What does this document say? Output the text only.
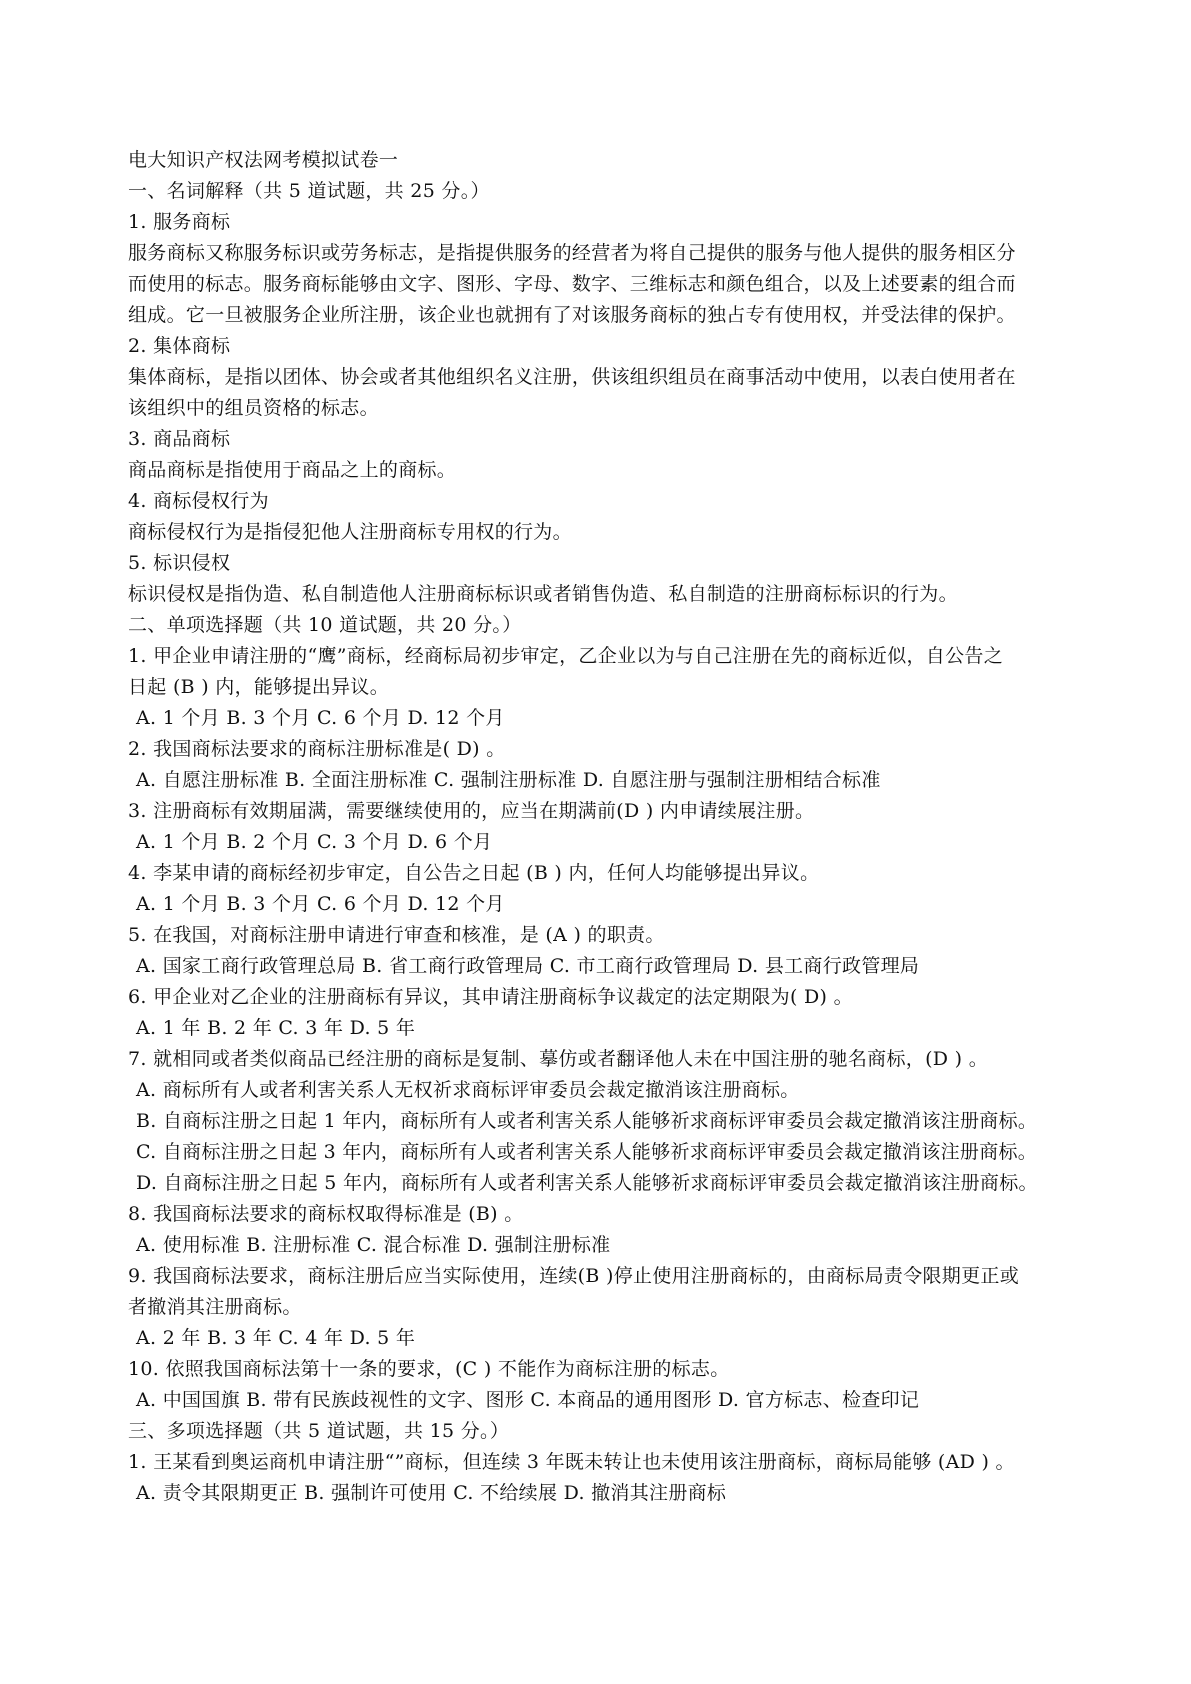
电大知识产权法网考模拟试卷一
一、名词解释（共 5 道试题，共 25 分。）
1. 服务商标
服务商标又称服务标识或劳务标志，是指提供服务的经营者为将自己提供的服务与他人提供的服务相区分
而使用的标志。服务商标能够由文字、图形、字母、数字、三维标志和颜色组合，以及上述要素的组合而
组成。它一旦被服务企业所注册，该企业也就拥有了对该服务商标的独占专有使用权，并受法律的保护。
2. 集体商标
集体商标，是指以团体、协会或者其他组织名义注册，供该组织组员在商事活动中使用，以表白使用者在
该组织中的组员资格的标志。
3. 商品商标
商品商标是指使用于商品之上的商标。
4. 商标侵权行为
商标侵权行为是指侵犯他人注册商标专用权的行为。
5. 标识侵权
标识侵权是指伪造、私自制造他人注册商标标识或者销售伪造、私自制造的注册商标标识的行为。
二、单项选择题（共 10 道试题，共 20 分。）
1. 甲企业申请注册的“鹰”商标，经商标局初步审定，乙企业以为与自己注册在先的商标近似，自公告之
日起 (B ) 内，能够提出异议。
A. 1 个月 B. 3 个月 C. 6 个月 D. 12 个月
2. 我国商标法要求的商标注册标准是( D) 。
A. 自愿注册标准 B. 全面注册标准 C. 强制注册标准 D. 自愿注册与强制注册相结合标准
3. 注册商标有效期届满，需要继续使用的，应当在期满前(D ) 内申请续展注册。
A. 1 个月 B. 2 个月 C. 3 个月 D. 6 个月
4. 李某申请的商标经初步审定，自公告之日起 (B ) 内，任何人均能够提出异议。
A. 1 个月 B. 3 个月 C. 6 个月 D. 12 个月
5. 在我国，对商标注册申请进行审查和核准，是 (A ) 的职责。
A. 国家工商行政管理总局 B. 省工商行政管理局 C. 市工商行政管理局 D. 县工商行政管理局
6. 甲企业对乙企业的注册商标有异议，其申请注册商标争议裁定的法定期限为( D) 。
A. 1 年 B. 2 年 C. 3 年 D. 5 年
7. 就相同或者类似商品已经注册的商标是复制、摹仿或者翻译他人未在中国注册的驰名商标，(D ) 。
A. 商标所有人或者利害关系人无权祈求商标评审委员会裁定撤消该注册商标。
B. 自商标注册之日起 1 年内，商标所有人或者利害关系人能够祈求商标评审委员会裁定撤消该注册商标。
C. 自商标注册之日起 3 年内，商标所有人或者利害关系人能够祈求商标评审委员会裁定撤消该注册商标。
D. 自商标注册之日起 5 年内，商标所有人或者利害关系人能够祈求商标评审委员会裁定撤消该注册商标。
8. 我国商标法要求的商标权取得标准是 (B) 。
A. 使用标准 B. 注册标准 C. 混合标准 D. 强制注册标准
9. 我国商标法要求，商标注册后应当实际使用，连续(B )停止使用注册商标的，由商标局责令限期更正或
者撤消其注册商标。
A. 2 年 B. 3 年 C. 4 年 D. 5 年
10. 依照我国商标法第十一条的要求，(C ) 不能作为商标注册的标志。
A. 中国国旗 B. 带有民族歧视性的文字、图形 C. 本商品的通用图形 D. 官方标志、检查印记
三、多项选择题（共 5 道试题，共 15 分。）
1. 王某看到奥运商机申请注册“”商标，但连续 3 年既未转让也未使用该注册商标，商标局能够 (AD ) 。
A. 责令其限期更正 B. 强制许可使用 C. 不给续展 D. 撤消其注册商标
